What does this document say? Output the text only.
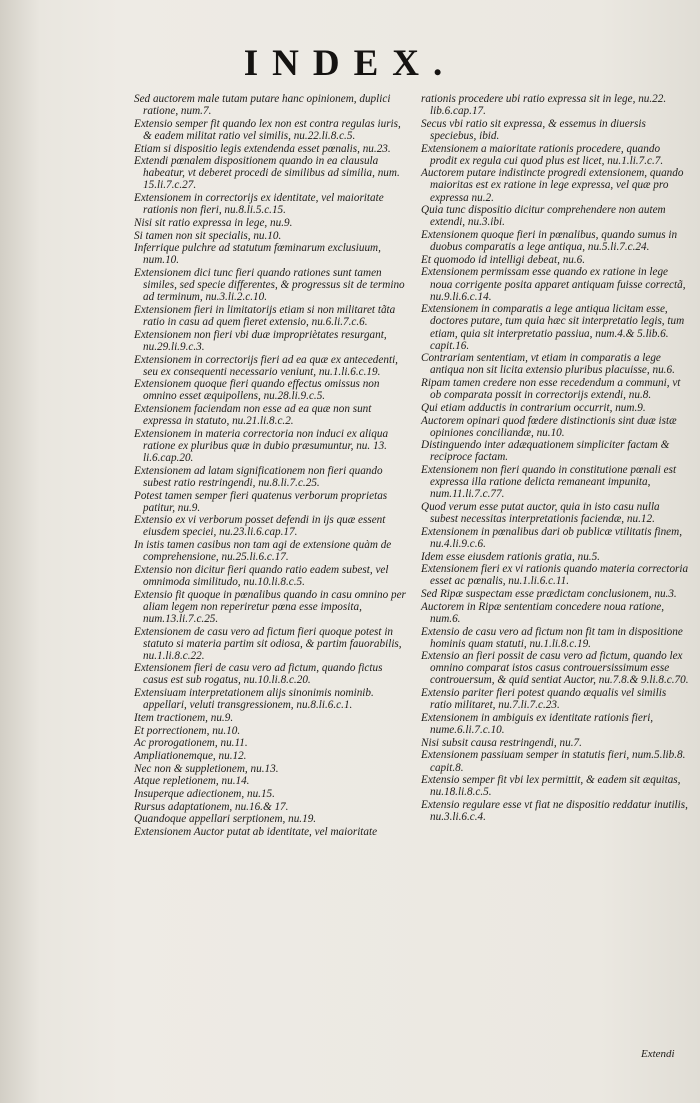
INDEX.
Sed auctorem male tutam putare hanc opinionem, duplici ratione, num.7.
Extensio semper fit quando lex non est contra regulas iuris, & eadem militat ratio vel similis, nu.22.li.8.c.5.
Etiam si dispositio legis extendenda esset pœnalis, nu.23.
Extendi pœnalem dispositionem quando in ea clausula habeatur, vt deberet procedi de similibus ad similia, num. 15.li.7.c.27.
Extensionem in correctorijs ex identitate, vel maioritate rationis non fieri, nu.8.li.5.c.15.
Nisi sit ratio expressa in lege, nu.9.
Si tamen non sit specialis, nu.10.
Inferrique pulchre ad statutum fœminarum exclusiuum, num.10.
Extensionem dici tunc fieri quando rationes sunt tamen similes, sed specie differentes, & progressus sit de termino ad terminum, nu.3.li.2.c.10.
Extensionem fieri in limitatorijs etiam si non militaret tãta ratio in casu ad quem fieret extensio, nu.6.li.7.c.6.
Extensionem non fieri vbi duæ impropriètates resurgant, nu.29.li.9.c.3.
Extensionem in correctorijs fieri ad ea quæ ex antecedenti, seu ex consequenti necessario veniunt, nu.1.li.6.c.19.
Extensionem quoque fieri quando effectus omissus non omnino esset æquipollens, nu.28.li.9.c.5.
Extensionem faciendam non esse ad ea quæ non sunt expressa in statuto, nu.21.li.8.c.2.
Extensionem in materia correctoria non induci ex aliqua ratione ex pluribus quæ in dubio præsumuntur, nu. 13. li.6.cap.20.
Extensionem ad latam significationem non fieri quando subest ratio restringendi, nu.8.li.7.c.25.
Potest tamen semper fieri quatenus verborum proprietas patitur, nu.9.
Extensio ex vi verborum posset defendi in ijs quæ essent eiusdem speciei, nu.23.li.6.cap.17.
In istis tamen casibus non tam agi de extensione quàm de comprehensione, nu.25.li.6.c.17.
Extensio non dicitur fieri quando ratio eadem subest, vel omnimoda similitudo, nu.10.li.8.c.5.
Extensio fit quoque in pœnalibus quando in casu omnino per aliam legem non reperiretur pœna esse imposita, num.13.li.7.c.25.
Extensionem de casu vero ad fictum fieri quoque potest in statuto si materia partim sit odiosa, & partim fauorabilis, nu.1.li.8.c.22.
Extensionem fieri de casu vero ad fictum, quando fictus casus est sub rogatus, nu.10.li.8.c.20.
Extensiuam interpretationem alijs sinonimis nominib. appellari, veluti transgressionem, nu.8.li.6.c.1.
Item tractionem, nu.9.
Et porrectionem, nu.10.
Ac prorogationem, nu.11.
Ampliationemque, nu.12.
Nec non & suppletionem, nu.13.
Atque repletionem, nu.14.
Insuperque adiectionem, nu.15.
Rursus adaptationem, nu.16.& 17.
Quandoque appellari serptionem, nu.19.
Extensionem Auctor putat ab identitate, vel maioritate
rationis procedere ubi ratio expressa sit in lege, nu.22. lib.6.cap.17.
Secus vbi ratio sit expressa, & essemus in diuersis speciebus, ibid.
Extensionem a maioritate rationis procedere, quando prodit ex regula cui quod plus est licet, nu.1.li.7.c.7.
Auctorem putare indistincte progredi extensionem, quando maioritas est ex ratione in lege expressa, vel quæ pro expressa nu.2.
Quia tunc dispositio dicitur comprehendere non autem extendi, nu.3.ibi.
Extensionem quoque fieri in pœnalibus, quando sumus in duobus comparatis a lege antiqua, nu.5.li.7.c.24.
Et quomodo id intelligi debeat, nu.6.
Extensionem permissam esse quando ex ratione in lege noua corrigente posita apparet antiquam fuisse correctã, nu.9.li.6.c.14.
Extensionem in comparatis a lege antiqua licitam esse, doctores putare, tum quia hæc sit interpretatio legis, tum etiam, quia sit interpretatio passiua, num.4.& 5.lib.6. capit.16.
Contrariam sententiam, vt etiam in comparatis a lege antiqua non sit licita extensio pluribus placuisse, nu.6.
Ripam tamen credere non esse recedendum a communi, vt ob comparata possit in correctorijs extendi, nu.8.
Qui etiam adductis in contrarium occurrit, num.9.
Auctorem opinari quod fœdere distinctionis sint duæ istæ opiniones conciliandæ, nu.10.
Distinguendo inter adæquationem simpliciter factam & reciproce factam.
Extensionem non fieri quando in constitutione pœnali est expressa illa ratione delicta remaneant impunita, num.11.li.7.c.77.
Quod verum esse putat auctor, quia in isto casu nulla subest necessitas interpretationis faciendæ, nu.12.
Extensionem in pœnalibus dari ob publicæ vtilitatis finem, nu.4.li.9.c.6.
Idem esse eiusdem rationis gratia, nu.5.
Extensionem fieri ex vi rationis quando materia correctoria esset ac pœnalis, nu.1.li.6.c.11.
Sed Ripæ suspectam esse prædictam conclusionem, nu.3.
Auctorem in Ripæ sententiam concedere noua ratione, num.6.
Extensio de casu vero ad fictum non fit tam in dispositione hominis quam statuti, nu.1.li.8.c.19.
Extensio an fieri possit de casu vero ad fictum, quando lex omnino comparat istos casus controuersissimum esse controuersum, & quid sentiat Auctor, nu.7.8.& 9.li.8.c.70.
Extensio pariter fieri potest quando æqualis vel similis ratio militaret, nu.7.li.7.c.23.
Extensionem in ambiguis ex identitate rationis fieri, nume.6.li.7.c.10.
Nisi subsit causa restringendi, nu.7.
Extensionem passiuam semper in statutis fieri, num.5.lib.8. capit.8.
Extensio semper fit vbi lex permittit, & eadem sit æquitas, nu.18.li.8.c.5.
Extensio regulare esse vt fiat ne dispositio reddatur inutilis, nu.3.li.6.c.4.
Extendi
